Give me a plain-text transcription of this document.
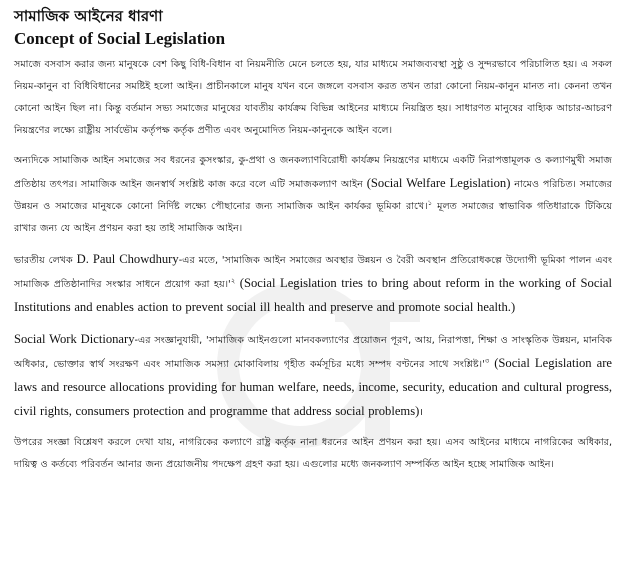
সামাজিক আইনের ধারণা
Concept of Social Legislation

সমাজে বসবাস করার জন্য মানুষকে বেশ কিছু বিধি-বিধান বা নিয়মনীতি মেনে চলতে হয়, যার মাধ্যমে সমাজব্যবস্থা সুষ্ঠু ও সুন্দরভাবে পরিচালিত হয়। এ সকল নিয়ম-কানুন বা বিধিবিধানের সমষ্টিই হলো আইন। প্রাচীনকালে মানুষ যখন বনে জঙ্গলে বসবাস করত তখন তারা কোনো নিয়ম-কানুন মানত না। কেননা তখন কোনো আইন ছিল না। কিন্তু বর্তমান সভ্য সমাজের মানুষের যাবতীয় কার্যক্রম বিভিন্ন আইনের মাধ্যমে নিয়ন্ত্রিত হয়। সাধারণত মানুষের বাহ্যিক আচার-আচরণ নিয়ন্ত্রণের লক্ষ্যে রাষ্ট্রীয় সার্বভৌম কর্তৃপক্ষ কর্তৃক প্রণীত এবং অনুমোদিত নিয়ম-কানুনকে আইন বলে।

অন্যদিকে সামাজিক আইন সমাজের সব ধরনের কুসংস্কার, কু-প্রথা ও জনকল্যাণবিরোধী কার্যক্রম নিয়ন্ত্রণের মাধ্যমে একটি নিরাপত্তামূলক ও কল্যাণমুখী সমাজ প্রতিষ্ঠায় তৎপর। সামাজিক আইন জনস্বার্থ সংশ্লিষ্ট কাজ করে বলে এটি সমাজকল্যাণ আইন (Social Welfare Legislation) নামেও পরিচিত। সমাজের উন্নয়ন ও সমাজের মানুষকে কোনো নির্দিষ্ট লক্ষ্যে পৌছানোর জন্য সামাজিক আইন কার্যকর ভূমিকা রাখে।$^১$ মূলত সমাজের স্বাভাবিক গতিধারাকে টিকিয়ে রাখার জন্য যে আইন প্রণয়ন করা হয় তাই সামাজিক আইন।

ভারতীয় লেখক D. Paul Chowdhury-এর মতে, 'সামাজিক আইন সমাজের অবস্থার উন্নয়ন ও বৈরী অবস্থান প্রতিরোধকল্পে উদ্যোগী ভূমিকা পালন এবং সামাজিক প্রতিষ্ঠানাদির সংস্কার সাধনে প্রয়োগ করা $হয়।'^২$ (Social Legislation tries to bring about reform in the working of Social Institutions and enables action to prevent social ill health and preserve and promote social health.)

Social Work Dictionary-এর সংজ্ঞানুযায়ী, 'সামাজিক আইনগুলো মানবকল্যাণের প্রয়োজন পূরণ, আয়, নিরাপত্তা, শিক্ষা ও সাংস্কৃতিক উন্নয়ন, মানবিক অধিকার, ভোক্তার স্বার্থ সংরক্ষণ এবং সামাজিক সমস্যা মোকাবিলায় গৃহীত কর্মসূচির মধ্যে সম্পদ বণ্টনের সাথে $সংশ্লিষ্ট।'^৩$ (Social Legislation are laws and resource allocations providing for human welfare, needs, income, security, education and cultural progress, civil rights, consumers protection and programme that address social problems)।

উপরের সংজ্ঞা বিশ্লেষণ করলে দেখা যায়, নাগরিকের কল্যাণে রাষ্ট্র কর্তৃক নানা ধরনের আইন প্রণয়ন করা হয়। এসব আইনের মাধ্যমে নাগরিকের অধিকার, দায়িত্ব ও কর্তব্যে পরিবর্তন আনার জন্য প্রয়োজনীয় পদক্ষেপ গ্রহণ করা হয়। এগুলোর মধ্যে জনকল্যাণ সম্পর্কিত আইন হচ্ছে সামাজিক আইন।
